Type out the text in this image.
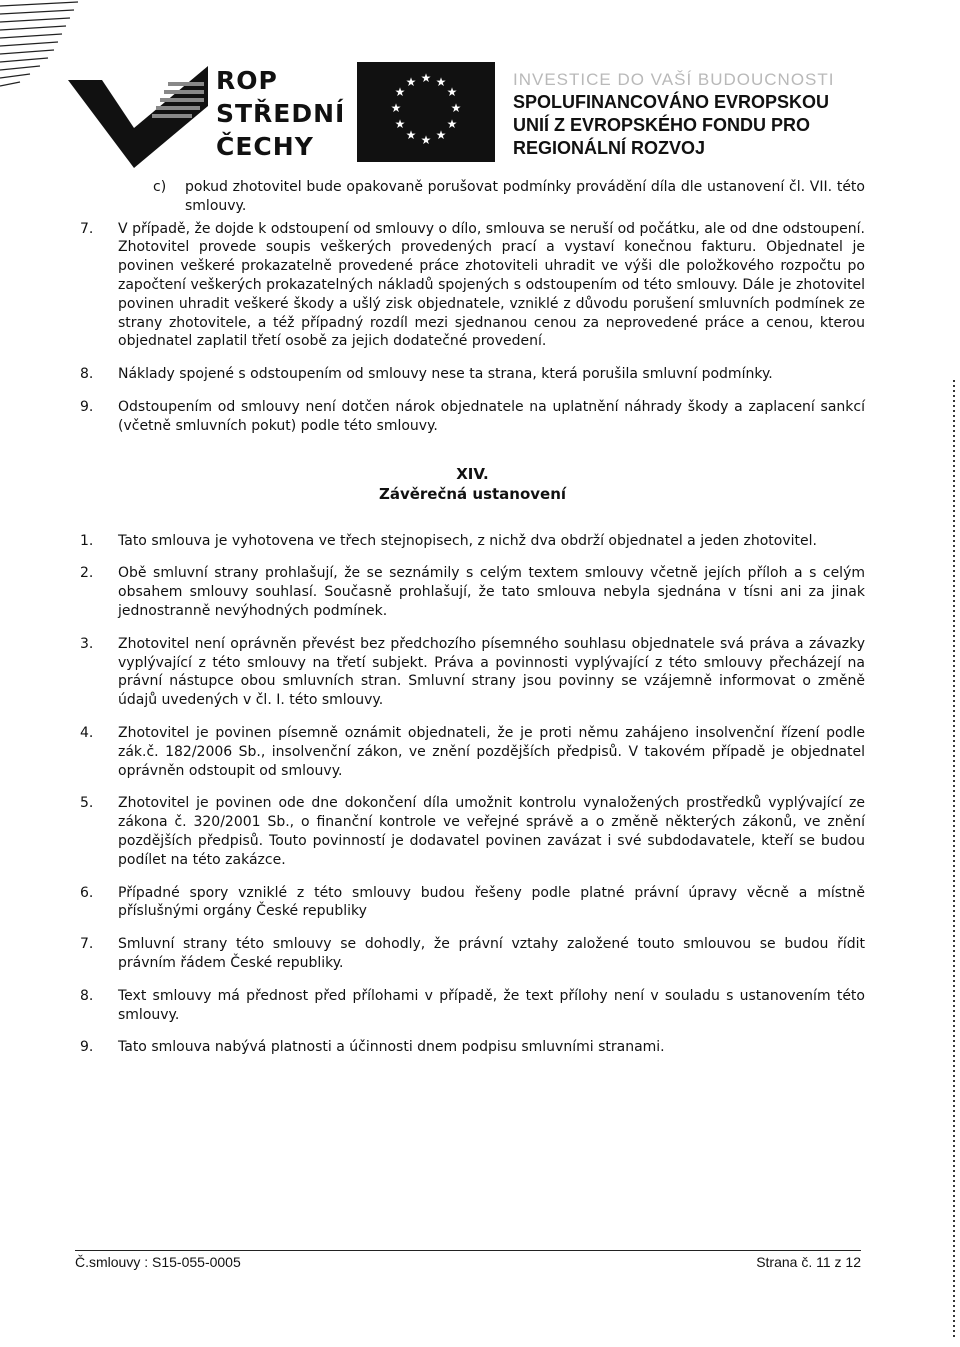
ROP
STŘEDNÍ
ČECHY
★ ★
★
★
★
★
★
★
★
★
★
★	INVESTICE DO VAŠÍ BUDOUCNOSTI
SPOLUFINANCOVÁNO EVROPSKOU
UNIÍ Z EVROPSKÉHO FONDU PRO
REGIONÁLNÍ ROZVOJ
c)	pokud zhotovitel bude opakovaně porušovat podmínky provádění díla dle ustanovení čl. VII. této smlouvy.
7.	V případě, že dojde k odstoupení od smlouvy o dílo, smlouva se neruší od počátku, ale od dne odstoupení. Zhotovitel provede soupis veškerých provedených prací a vystaví konečnou fakturu. Objednatel je povinen veškeré prokazatelně provedené práce zhotoviteli uhradit ve výši dle položkového rozpočtu po započtení veškerých prokazatelných nákladů spojených s odstoupením od této smlouvy. Dále je zhotovitel povinen uhradit veškeré škody a ušlý zisk objednatele, vzniklé z důvodu porušení smluvních podmínek ze strany zhotovitele, a též případný rozdíl mezi sjednanou cenou za neprovedené práce a cenou, kterou objednatel zaplatil třetí osobě za jejich dodatečné provedení.
8.	Náklady spojené s odstoupením od smlouvy nese ta strana, která porušila smluvní podmínky.
9.	Odstoupením od smlouvy není dotčen nárok objednatele na uplatnění náhrady škody a zaplacení sankcí (včetně smluvních pokut) podle této smlouvy.
XIV.
Závěrečná ustanovení
1.	Tato smlouva je vyhotovena ve třech stejnopisech, z nichž dva obdrží objednatel a jeden zhotovitel.
2.	Obě smluvní strany prohlašují, že se seznámily s celým textem smlouvy včetně jejích příloh a s celým obsahem smlouvy souhlasí. Současně prohlašují, že tato smlouva nebyla sjednána v tísni ani za jinak jednostranně nevýhodných podmínek.
3.	Zhotovitel není oprávněn převést bez předchozího písemného souhlasu objednatele svá práva a závazky vyplývající z této smlouvy na třetí subjekt. Práva a povinnosti vyplývající z této smlouvy přecházejí na právní nástupce obou smluvních stran. Smluvní strany jsou povinny se vzájemně informovat o změně údajů uvedených v čl. I. této smlouvy.
4.	Zhotovitel je povinen písemně oznámit objednateli, že je proti němu zahájeno insolvenční řízení podle zák.č. 182/2006 Sb., insolvenční zákon, ve znění pozdějších předpisů. V takovém případě je objednatel oprávněn odstoupit od smlouvy.
5.	Zhotovitel je povinen ode dne dokončení díla umožnit kontrolu vynaložených prostředků vyplývající ze zákona č. 320/2001 Sb., o finanční kontrole ve veřejné správě a o změně některých zákonů, ve znění pozdějších předpisů. Touto povinností je dodavatel povinen zavázat i své subdodavatele, kteří se budou podílet na této zakázce.
6.	Případné spory vzniklé z této smlouvy budou řešeny podle platné právní úpravy věcně a místně příslušnými orgány České republiky
7.	Smluvní strany této smlouvy se dohodly, že právní vztahy založené touto smlouvou se budou řídit právním řádem České republiky.
8.	Text smlouvy má přednost před přílohami v případě, že text přílohy není v souladu s ustanovením této smlouvy.
9.	Tato smlouva nabývá platnosti a účinnosti dnem podpisu smluvními stranami.
Č.smlouvy : S15-055-0005	Strana č. 11 z 12
